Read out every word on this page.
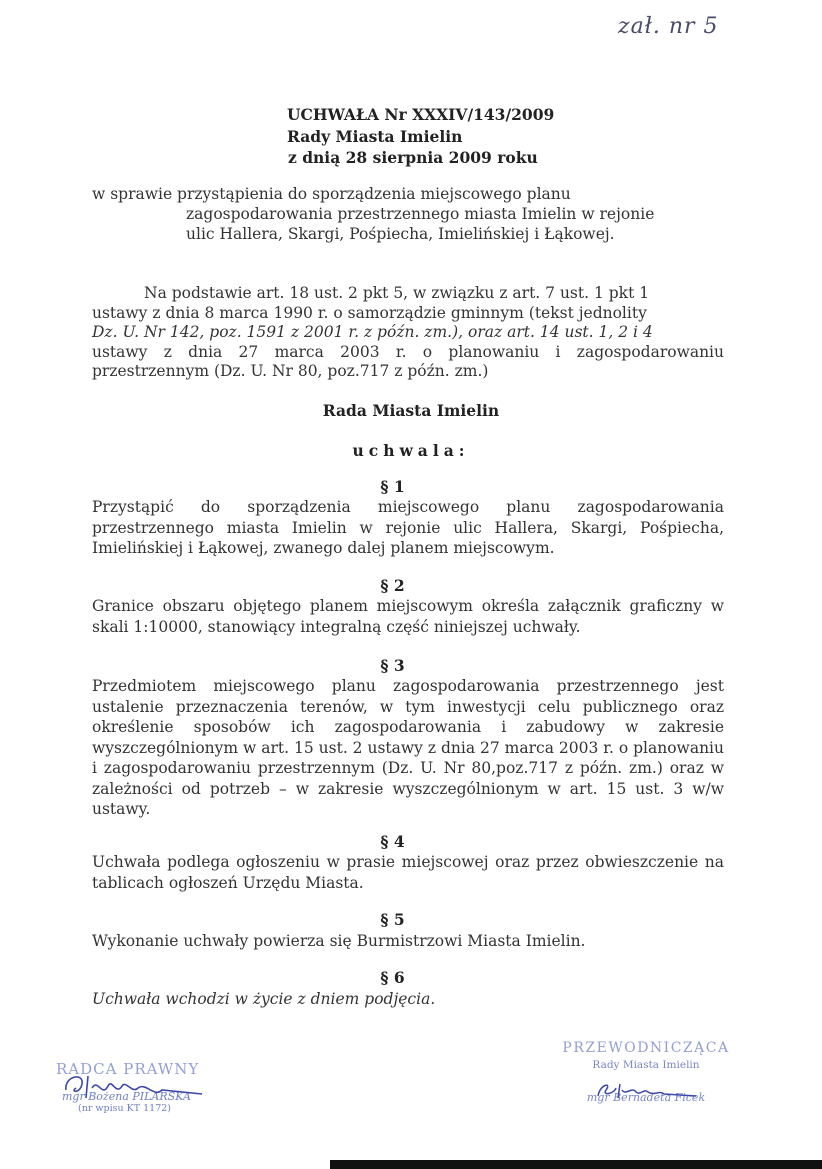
zał. nr 5
UCHWAŁA Nr XXXIV/143/2009
Rady Miasta Imielin
z dnią 28 sierpnia 2009 roku
w sprawie przystąpienia do sporządzenia miejscowego planu
zagospodarowania przestrzennego miasta Imielin w rejonie
ulic Hallera, Skargi, Pośpiecha, Imielińskiej i Łąkowej.
Na podstawie art. 18 ust. 2 pkt 5, w związku z art. 7 ust. 1 pkt 1
ustawy z dnia 8 marca 1990 r. o samorządzie gminnym (tekst jednolity
Dz. U. Nr 142, poz. 1591 z 2001 r. z późn. zm.), oraz art. 14 ust. 1, 2 i 4
ustawy z dnia 27 marca 2003 r. o planowaniu i zagospodarowaniu przestrzennym (Dz. U. Nr 80, poz.717 z późn. zm.)
Rada Miasta Imielin
uchwala:
§ 1
Przystąpić do sporządzenia miejscowego planu zagospodarowania przestrzennego miasta Imielin w rejonie ulic Hallera, Skargi, Pośpiecha, Imielińskiej i Łąkowej, zwanego dalej planem miejscowym.
§ 2
Granice obszaru objętego planem miejscowym określa załącznik graficzny w skali 1:10000, stanowiący integralną część niniejszej uchwały.
§ 3
Przedmiotem miejscowego planu zagospodarowania przestrzennego jest ustalenie przeznaczenia terenów, w tym inwestycji celu publicznego oraz określenie sposobów ich zagospodarowania i zabudowy w zakresie wyszczególnionym w art. 15 ust. 2 ustawy z dnia 27 marca 2003 r. o planowaniu i zagospodarowaniu przestrzennym (Dz. U. Nr 80,poz.717 z późn. zm.) oraz w zależności od potrzeb – w zakresie wyszczególnionym w art. 15 ust. 3 w/w ustawy.
§ 4
Uchwała podlega ogłoszeniu w prasie miejscowej oraz przez obwieszczenie na tablicach ogłoszeń Urzędu Miasta.
§ 5
Wykonanie uchwały powierza się Burmistrzowi Miasta Imielin.
§ 6
Uchwała wchodzi w życie z dniem podjęcia.
RADCA PRAWNY
mgr Bożena PILARSKA
(nr wpisu KT 1172)
PRZEWODNICZĄCA
Rady Miasta Imielin
mgr Bernadeta Ficek
